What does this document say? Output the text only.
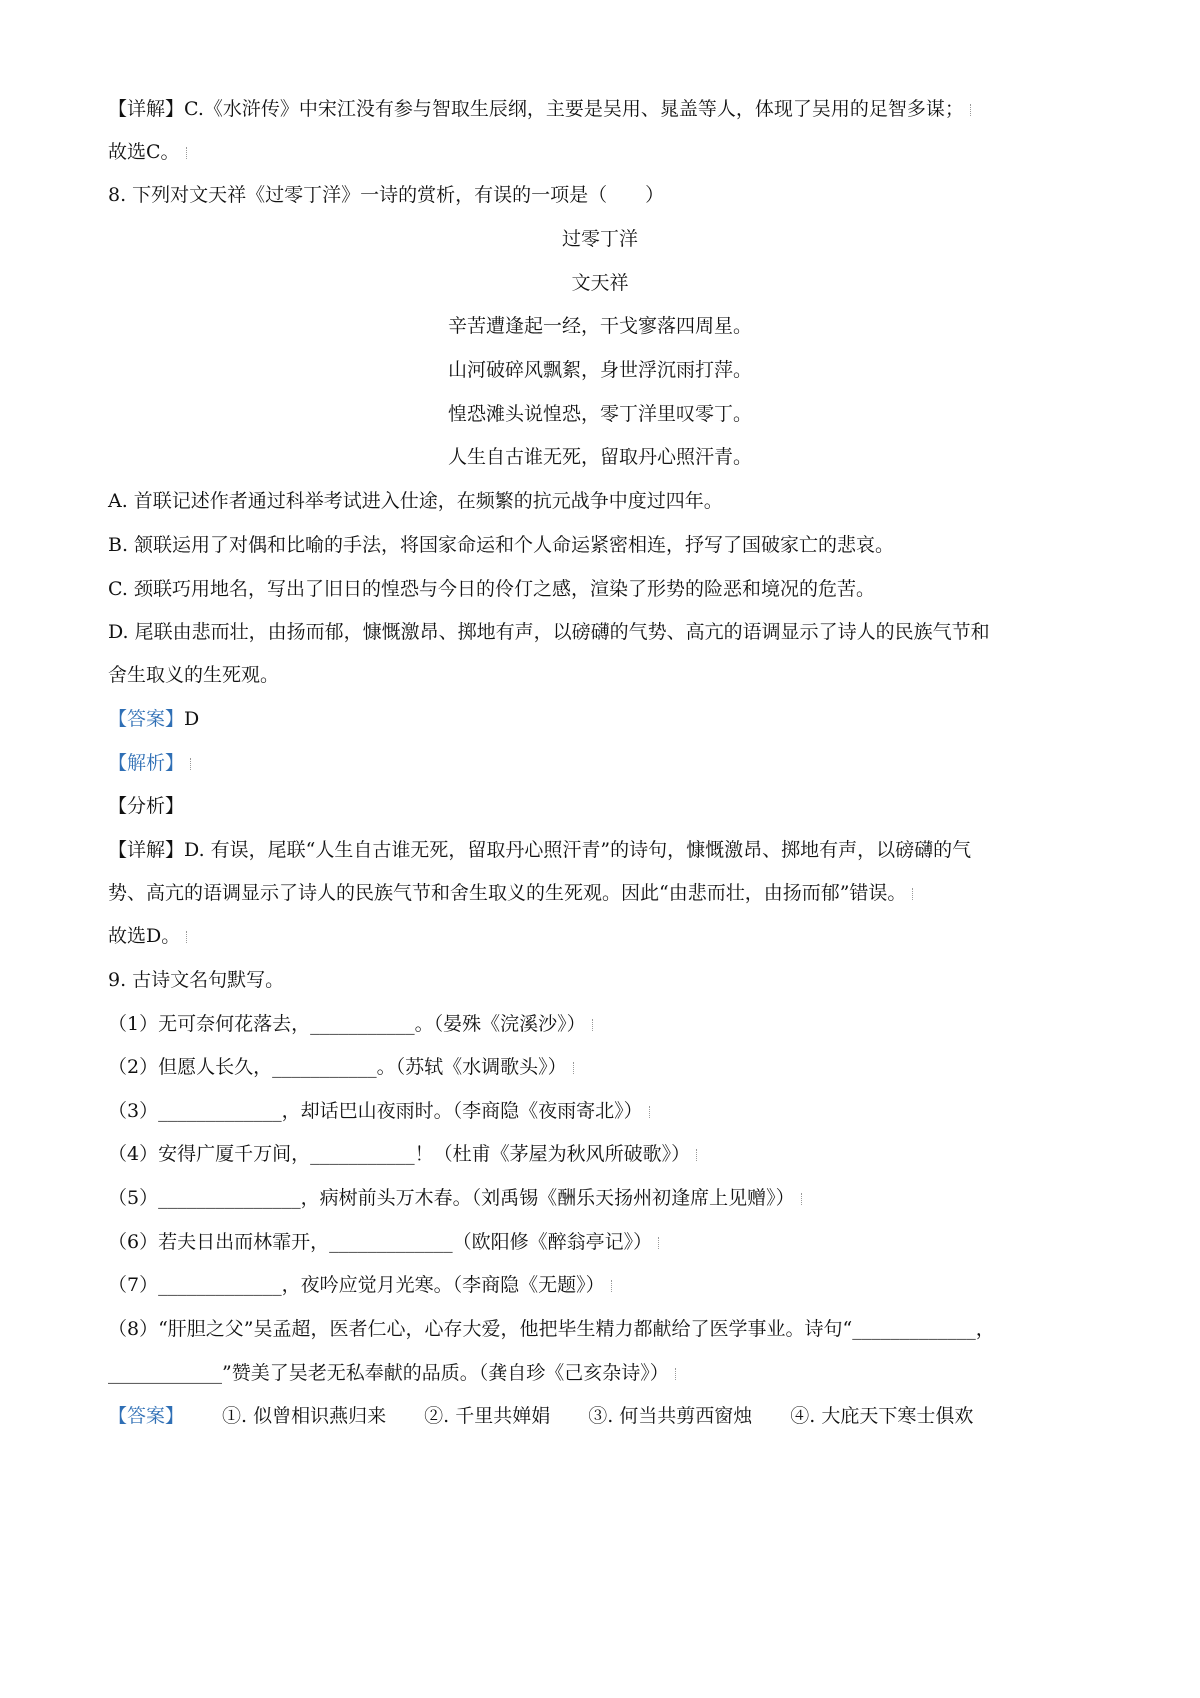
【详解】C.《水浒传》中宋江没有参与智取生辰纲，主要是吴用、晁盖等人，体现了吴用的足智多谋；
故选C。
8. 下列对文天祥《过零丁洋》一诗的赏析，有误的一项是（　　）
过零丁洋
文天祥
辛苦遭逢起一经，干戈寥落四周星。
山河破碎风飘絮，身世浮沉雨打萍。
惶恐滩头说惶恐，零丁洋里叹零丁。
人生自古谁无死，留取丹心照汗青。
A. 首联记述作者通过科举考试进入仕途，在频繁的抗元战争中度过四年。
B. 颔联运用了对偶和比喻的手法，将国家命运和个人命运紧密相连，抒写了国破家亡的悲哀。
C. 颈联巧用地名，写出了旧日的惶恐与今日的伶仃之感，渲染了形势的险恶和境况的危苦。
D. 尾联由悲而壮，由扬而郁，慷慨激昂、掷地有声，以磅礴的气势、高亢的语调显示了诗人的民族气节和
舍生取义的生死观。
【答案】D
【解析】
【分析】
【详解】D. 有误，尾联“人生自古谁无死，留取丹心照汗青”的诗句，慷慨激昂、掷地有声，以磅礴的气
势、高亢的语调显示了诗人的民族气节和舍生取义的生死观。因此“由悲而壮，由扬而郁”错误。
故选D。
9. 古诗文名句默写。
（1）无可奈何花落去，___________。（晏殊《浣溪沙》）
（2）但愿人长久，___________。（苏轼《水调歌头》）
（3）_____________，却话巴山夜雨时。（李商隐《夜雨寄北》）
（4）安得广厦千万间，___________！（杜甫《茅屋为秋风所破歌》）
（5）_______________，病树前头万木春。（刘禹锡《酬乐天扬州初逢席上见赠》）
（6）若夫日出而林霏开，_____________（欧阳修《醉翁亭记》）
（7）_____________，夜吟应觉月光寒。（李商隐《无题》）
（8）“肝胆之父”吴孟超，医者仁心，心存大爱，他把毕生精力都献给了医学事业。诗句“_____________，
____________”赞美了吴老无私奉献的品质。（龚自珍《己亥杂诗》）
【答案】 ①. 似曾相识燕归来 ②. 千里共婵娟 ③. 何当共剪西窗烛 ④. 大庇天下寒士俱欢
